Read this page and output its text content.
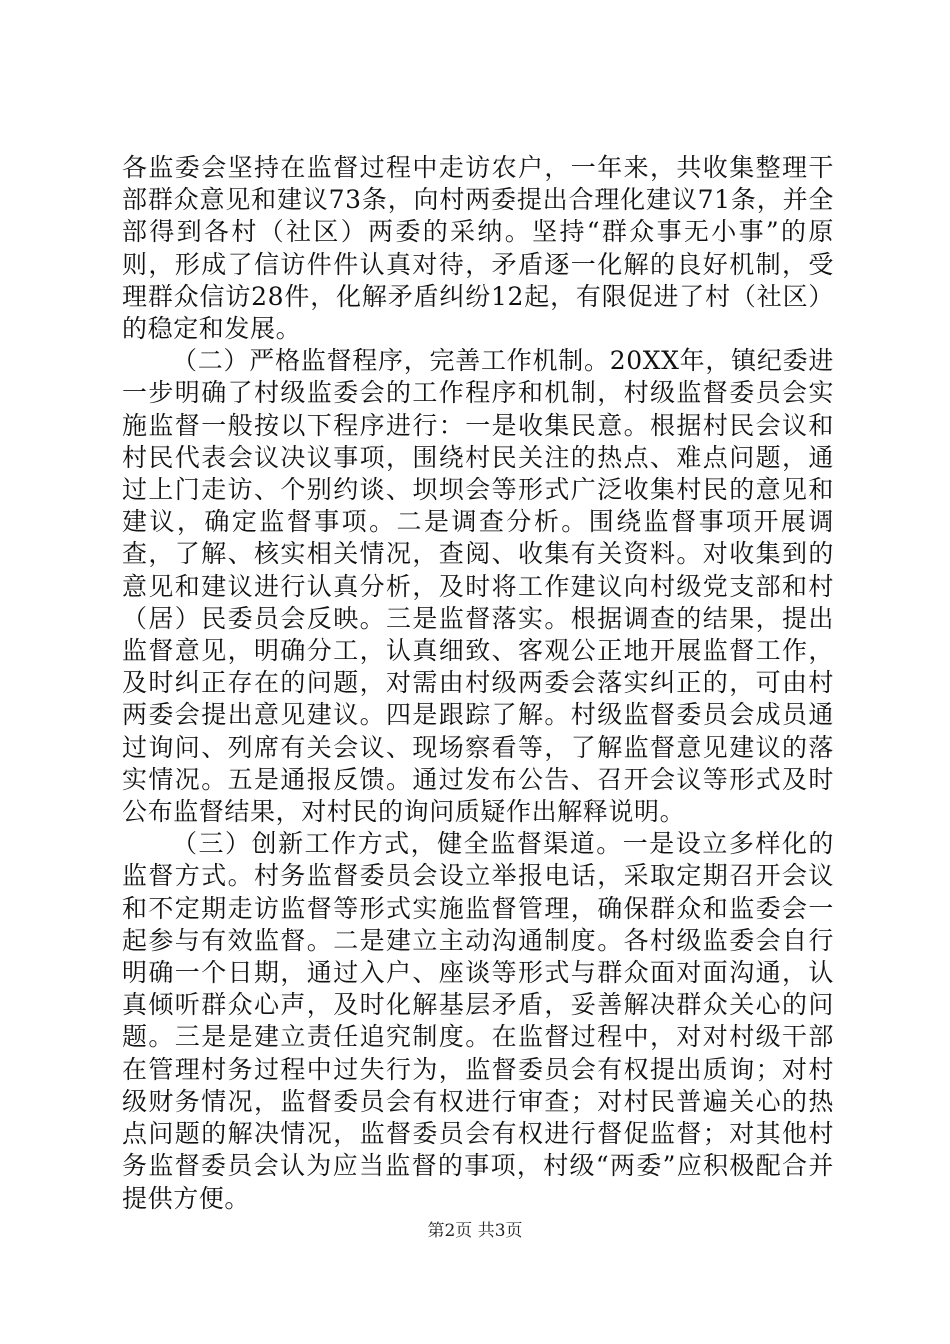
各监委会坚持在监督过程中走访农户，一年来，共收集整理干部群众意见和建议73条，向村两委提出合理化建议71条，并全部得到各村（社区）两委的采纳。坚持“群众事无小事”的原则，形成了信访件件认真对待，矛盾逐一化解的良好机制，受理群众信访28件，化解矛盾纠纷12起，有限促进了村（社区）的稳定和发展。

（二）严格监督程序，完善工作机制。20XX年，镇纪委进一步明确了村级监委会的工作程序和机制，村级监督委员会实施监督一般按以下程序进行：一是收集民意。根据村民会议和村民代表会议决议事项，围绕村民关注的热点、难点问题，通过上门走访、个别约谈、坝坝会等形式广泛收集村民的意见和建议，确定监督事项。二是调查分析。围绕监督事项开展调查，了解、核实相关情况，查阅、收集有关资料。对收集到的意见和建议进行认真分析，及时将工作建议向村级党支部和村（居）民委员会反映。三是监督落实。根据调查的结果，提出监督意见，明确分工，认真细致、客观公正地开展监督工作，及时纠正存在的问题，对需由村级两委会落实纠正的，可由村两委会提出意见建议。四是跟踪了解。村级监督委员会成员通过询问、列席有关会议、现场察看等，了解监督意见建议的落实情况。五是通报反馈。通过发布公告、召开会议等形式及时公布监督结果，对村民的询问质疑作出解释说明。

（三）创新工作方式，健全监督渠道。一是设立多样化的监督方式。村务监督委员会设立举报电话，采取定期召开会议和不定期走访监督等形式实施监督管理，确保群众和监委会一起参与有效监督。二是建立主动沟通制度。各村级监委会自行明确一个日期，通过入户、座谈等形式与群众面对面沟通，认真倾听群众心声，及时化解基层矛盾，妥善解决群众关心的问题。三是是建立责任追究制度。在监督过程中，对对村级干部在管理村务过程中过失行为，监督委员会有权提出质询；对村级财务情况，监督委员会有权进行审查；对村民普遍关心的热点问题的解决情况，监督委员会有权进行督促监督；对其他村务监督委员会认为应当监督的事项，村级“两委”应积极配合并提供方便。

第2页 共3页
